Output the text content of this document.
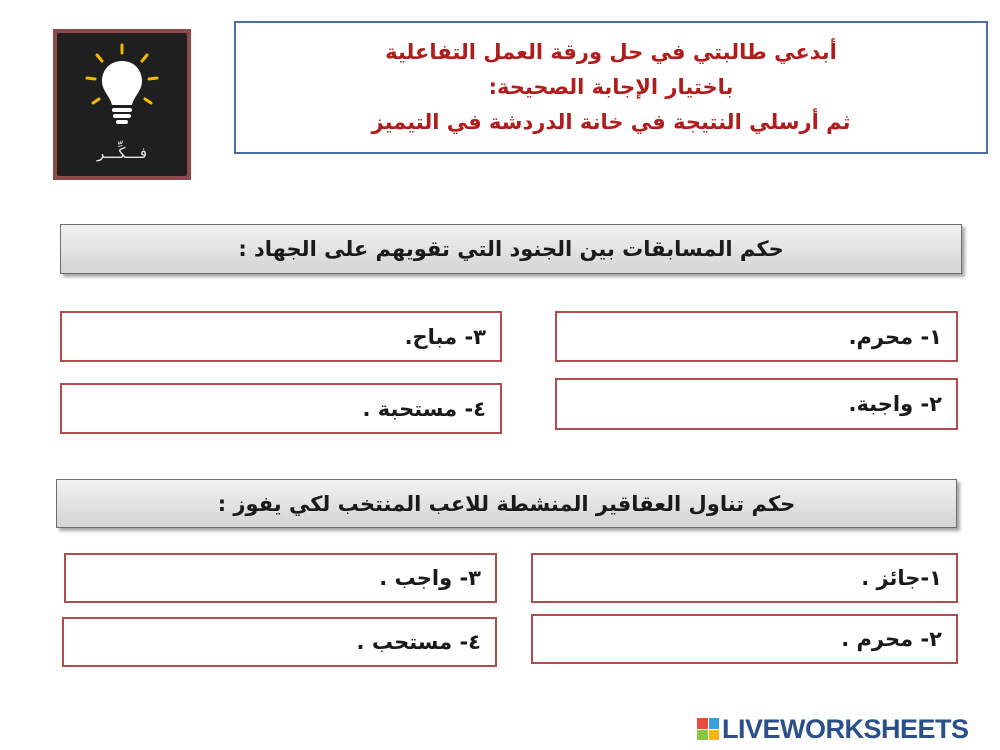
فـــكِّـــر
أبدعي طالبتي في حل ورقة العمل التفاعلية
باختيار الإجابة الصحيحة:
ثم أرسلي النتيجة في خانة الدردشة في التيميز
حكم المسابقات بين الجنود التي تقويهم على الجهاد :
١- محرم.
٢- واجبة.
٣- مباح.
٤- مستحبة .
حكم تناول العقاقير المنشطة للاعب المنتخب لكي يفوز :
١-جائز .
٢- محرم .
٣- واجب .
٤- مستحب .
LIVEWORKSHEETS
